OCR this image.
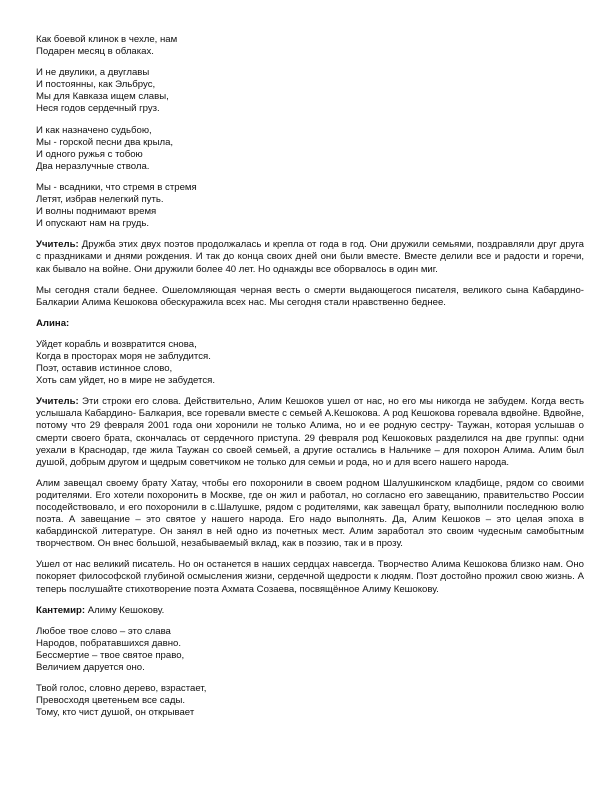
Как боевой клинок в чехле, нам
Подарен месяц в облаках.
И не двулики, а двуглавы
И постоянны, как Эльбрус,
Мы для Кавказа ищем славы,
Неся годов сердечный груз.
И как назначено судьбою,
Мы - горской песни два крыла,
И одного ружья с тобою
Два неразлучные ствола.
Мы - всадники, что стремя в стремя
Летят, избрав нелегкий путь.
И волны поднимают время
И опускают нам на грудь.

Учитель: Дружба этих двух поэтов продолжалась и крепла от года в год. Они дружили семьями, поздравляли друг друга с праздниками и днями рождения. И так до конца своих дней они были вместе. Вместе делили все и радости и горечи, как бывало на войне. Они дружили более 40 лет. Но однажды все оборвалось в один миг.

Мы сегодня стали беднее. Ошеломляющая черная весть о смерти выдающегося писателя, великого сына Кабардино-Балкарии Алима Кешокова обескуражила всех нас. Мы сегодня стали нравственно беднее.

Алина:
Уйдет корабль и возвратится снова,
Когда в просторах моря не заблудится.
Поэт, оставив истинное слово,
Хоть сам уйдет, но в мире не забудется.

Учитель: Эти строки его слова. Действительно, Алим Кешоков ушел от нас, но его мы никогда не забудем. Когда весть услышала Кабардино- Балкария, все горевали вместе с семьей А.Кешокова. А род Кешокова горевала вдвойне. Вдвойне, потому что 29 февраля 2001 года они хоронили не только Алима, но и ее родную сестру- Таужан, которая услышав о смерти своего брата, скончалась от сердечного приступа. 29 февраля род Кешоковых разделился на две группы: одни уехали в Краснодар, где жила Таужан со своей семьей, а другие остались в Нальчике – для похорон Алима. Алим был душой, добрым другом и щедрым советчиком не только для семьи и рода, но и для всего нашего народа.

Алим завещал своему брату Хатау, чтобы его похоронили в своем родном Шалушкинском кладбище, рядом со своими родителями. Его хотели похоронить в Москве, где он жил и работал, но согласно его завещанию, правительство России посодействовало, и его похоронили в с.Шалушке, рядом с родителями, как завещал брату, выполнили последнюю волю поэта. А завещание – это святое у нашего народа. Его надо выполнять. Да, Алим Кешоков – это целая эпоха в кабардинской литературе. Он занял в ней одно из почетных мест. Алим заработал это своим чудесным самобытным творчеством. Он внес большой, незабываемый вклад, как в поэзию, так и в прозу.

Ушел от нас великий писатель. Но он останется в наших сердцах навсегда. Творчество Алима Кешокова близко нам. Оно покоряет философской глубиной осмысления жизни, сердечной щедрости к людям. Поэт достойно прожил свою жизнь. А теперь послушайте стихотворение поэта Ахмата Созаева, посвящённое Алиму Кешокову.

Кантемир: Алиму Кешокову.

Любое твое слово – это слава
Народов, побратавшихся давно.
Бессмертие – твое святое право,
Величием даруется оно.
Твой голос, словно дерево, взрастает,
Превосходя цветеньем все сады.
Тому, кто чист душой, он открывает
